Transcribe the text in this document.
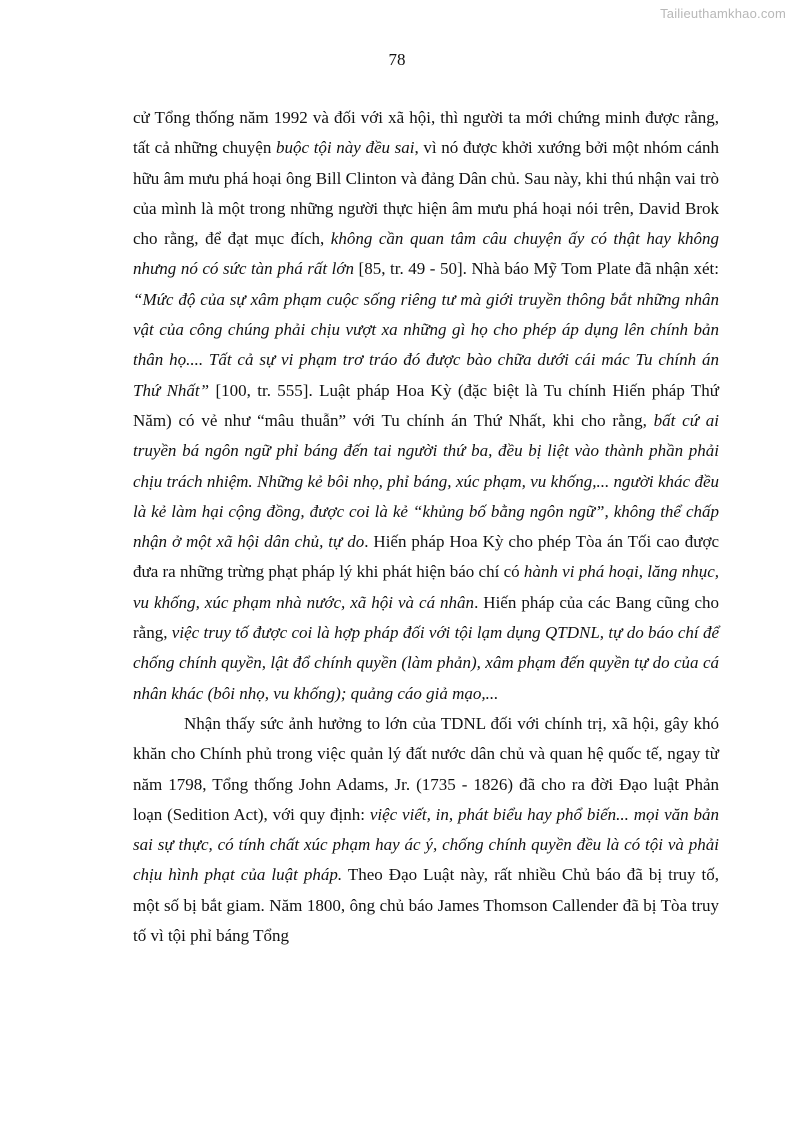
Tailieuthamkhao.com
78

cử Tổng thống năm 1992 và đối với xã hội, thì người ta mới chứng minh được rằng, tất cả những chuyện buộc tội này đều sai, vì nó được khởi xướng bởi một nhóm cánh hữu âm mưu phá hoại ông Bill Clinton và đảng Dân chủ. Sau này, khi thú nhận vai trò của mình là một trong những người thực hiện âm mưu phá hoại nói trên, David Brok cho rằng, để đạt mục đích, không cần quan tâm câu chuyện ấy có thật hay không nhưng nó có sức tàn phá rất lớn [85, tr. 49 - 50]. Nhà báo Mỹ Tom Plate đã nhận xét: “Mức độ của sự xâm phạm cuộc sống riêng tư mà giới truyền thông bắt những nhân vật của công chúng phải chịu vượt xa những gì họ cho phép áp dụng lên chính bản thân họ.... Tất cả sự vi phạm trơ tráo đó được bào chữa dưới cái mác Tu chính án Thứ Nhất” [100, tr. 555]. Luật pháp Hoa Kỳ (đặc biệt là Tu chính Hiến pháp Thứ Năm) có vẻ như “mâu thuẫn” với Tu chính án Thứ Nhất, khi cho rằng, bất cứ ai truyền bá ngôn ngữ phỉ báng đến tai người thứ ba, đều bị liệt vào thành phần phải chịu trách nhiệm. Những kẻ bôi nhọ, phỉ báng, xúc phạm, vu khống,... người khác đều là kẻ làm hại cộng đồng, được coi là kẻ “khủng bố bằng ngôn ngữ”, không thể chấp nhận ở một xã hội dân chủ, tự do. Hiến pháp Hoa Kỳ cho phép Tòa án Tối cao được đưa ra những trừng phạt pháp lý khi phát hiện báo chí có hành vi phá hoại, lăng nhục, vu khống, xúc phạm nhà nước, xã hội và cá nhân. Hiến pháp của các Bang cũng cho rằng, việc truy tố được coi là hợp pháp đối với tội lạm dụng QTDNL, tự do báo chí để chống chính quyền, lật đổ chính quyền (làm phản), xâm phạm đến quyền tự do của cá nhân khác (bôi nhọ, vu khống); quảng cáo giả mạo,...

Nhận thấy sức ảnh hưởng to lớn của TDNL đối với chính trị, xã hội, gây khó khăn cho Chính phủ trong việc quản lý đất nước dân chủ và quan hệ quốc tế, ngay từ năm 1798, Tổng thống John Adams, Jr. (1735 - 1826) đã cho ra đời Đạo luật Phản loạn (Sedition Act), với quy định: việc viết, in, phát biểu hay phổ biến... mọi văn bản sai sự thực, có tính chất xúc phạm hay ác ý, chống chính quyền đều là có tội và phải chịu hình phạt của luật pháp. Theo Đạo Luật này, rất nhiều Chủ báo đã bị truy tố, một số bị bắt giam. Năm 1800, ông chủ báo James Thomson Callender đã bị Tòa truy tố vì tội phỉ báng Tổng
